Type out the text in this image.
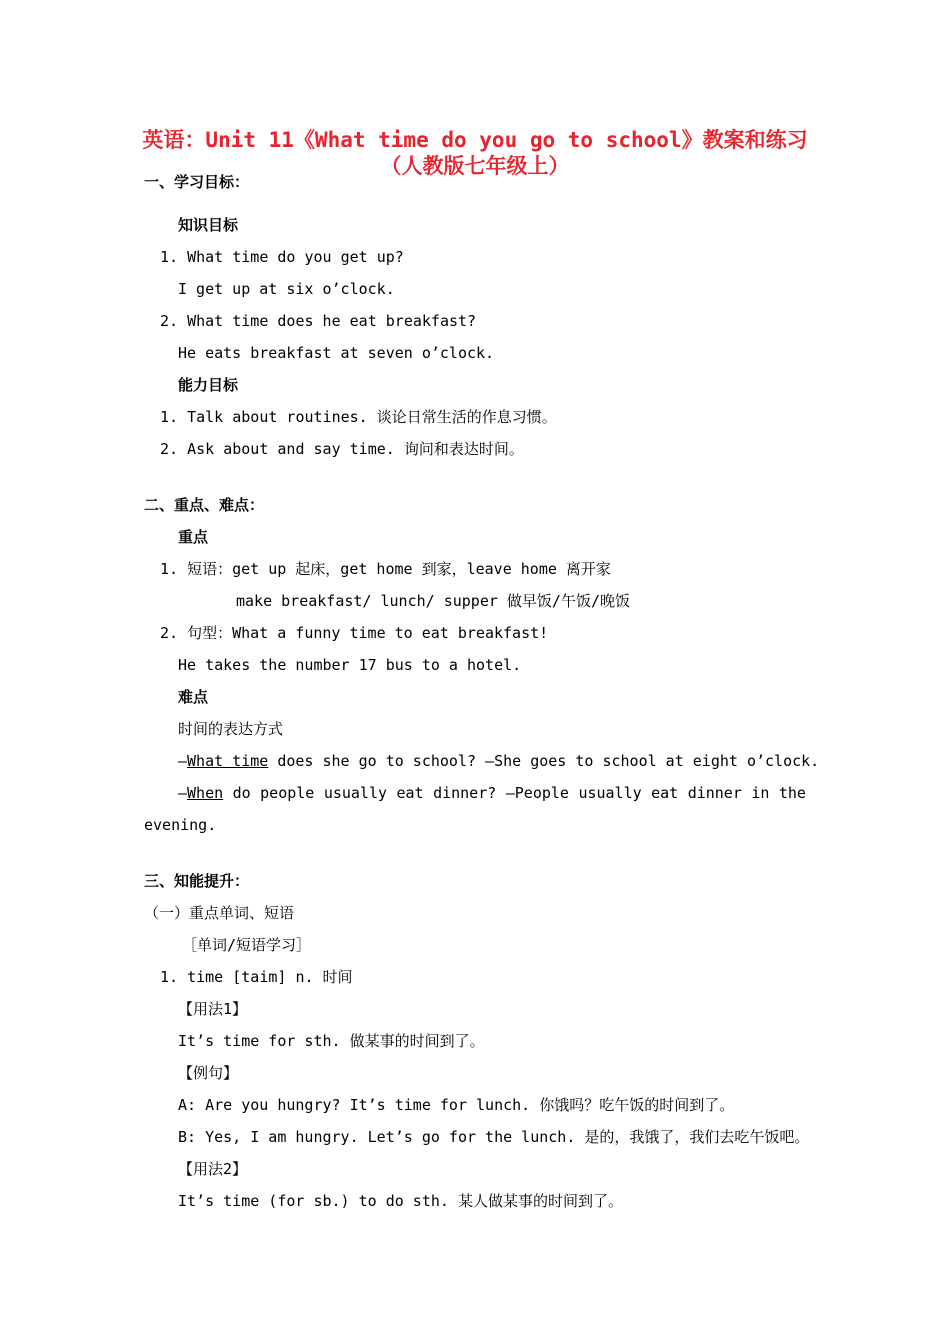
英语：Unit 11《What time do you go to school》教案和练习
（人教版七年级上）
一、学习目标：
知识目标
1. What time do you get up?
I get up at six o’clock.
2. What time does he eat breakfast?
He eats breakfast at seven o’clock.
能力目标
1. Talk about routines. 谈论日常生活的作息习惯。
2. Ask about and say time. 询问和表达时间。
二、重点、难点：
重点
1. 短语：get up 起床，get home 到家，leave home 离开家
make breakfast/ lunch/ supper 做早饭/午饭/晚饭
2. 句型：What a funny time to eat breakfast!
He takes the number 17 bus to a hotel.
难点
时间的表达方式
—What time does she go to school? —She goes to school at eight o’clock.
—When do people usually eat dinner? —People usually eat dinner in the
evening.
三、知能提升：
（一）重点单词、短语
［单词/短语学习］
1. time [taim] n. 时间
【用法1】
It’s time for sth. 做某事的时间到了。
【例句】
A: Are you hungry? It’s time for lunch. 你饿吗？吃午饭的时间到了。
B: Yes, I am hungry. Let’s go for the lunch. 是的，我饿了，我们去吃午饭吧。
【用法2】
It’s time (for sb.) to do sth. 某人做某事的时间到了。
